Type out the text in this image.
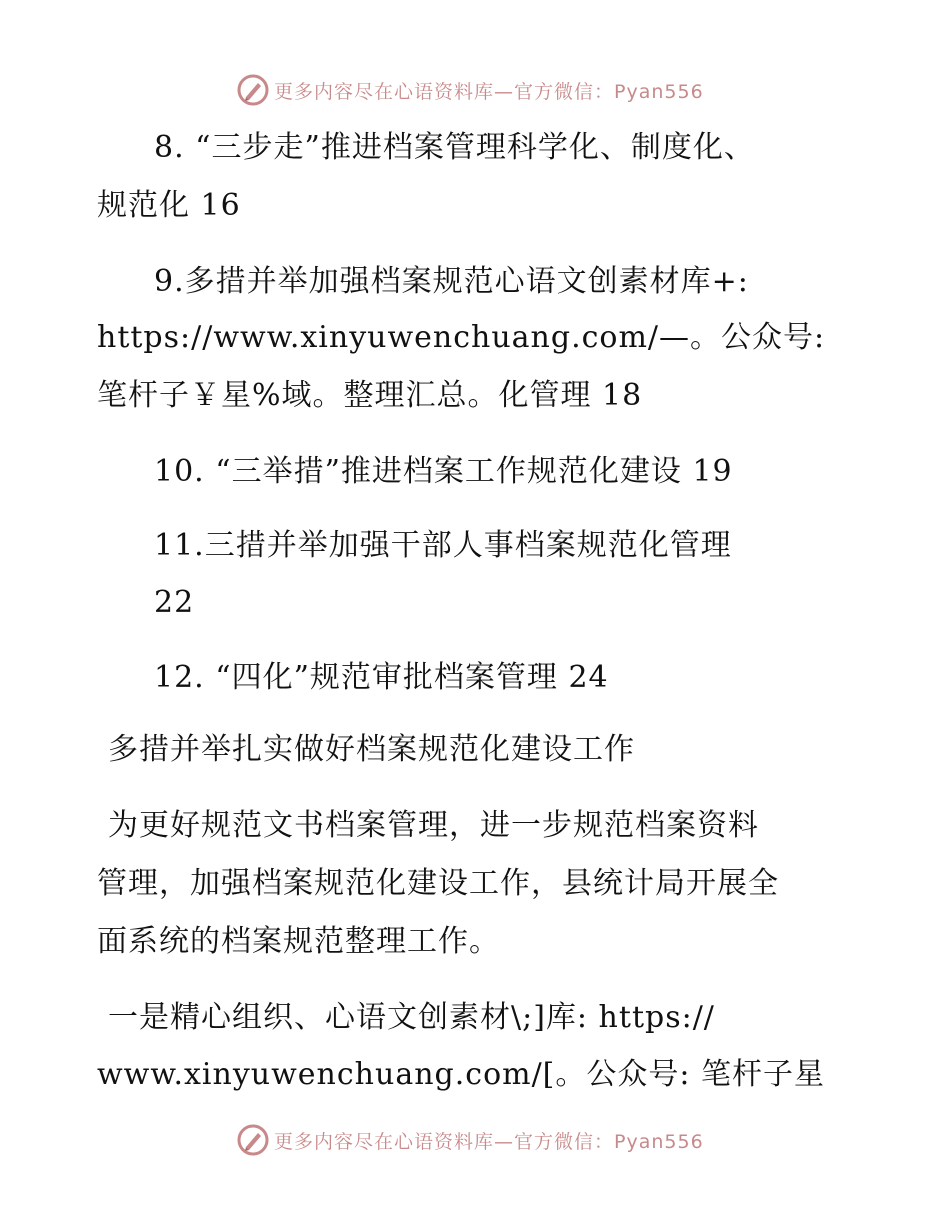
更多内容尽在心语资料库—官方微信：Pyan556
8. “三步走”推进档案管理科学化、制度化、
规范化 16
9.多措并举加强档案规范心语文创素材库+:
https://www.xinyuwenchuang.com/—。公众号:
笔杆子￥星%域。整理汇总。化管理 18
10. “三举措”推进档案工作规范化建设 19
11.三措并举加强干部人事档案规范化管理
22
12. “四化”规范审批档案管理 24
多措并举扎实做好档案规范化建设工作
为更好规范文书档案管理，进一步规范档案资料
管理，加强档案规范化建设工作，县统计局开展全
面系统的档案规范整理工作。
一是精心组织、心语文创素材\;]库: https://
www.xinyuwenchuang.com/[。公众号: 笔杆子星
更多内容尽在心语资料库—官方微信：Pyan556
